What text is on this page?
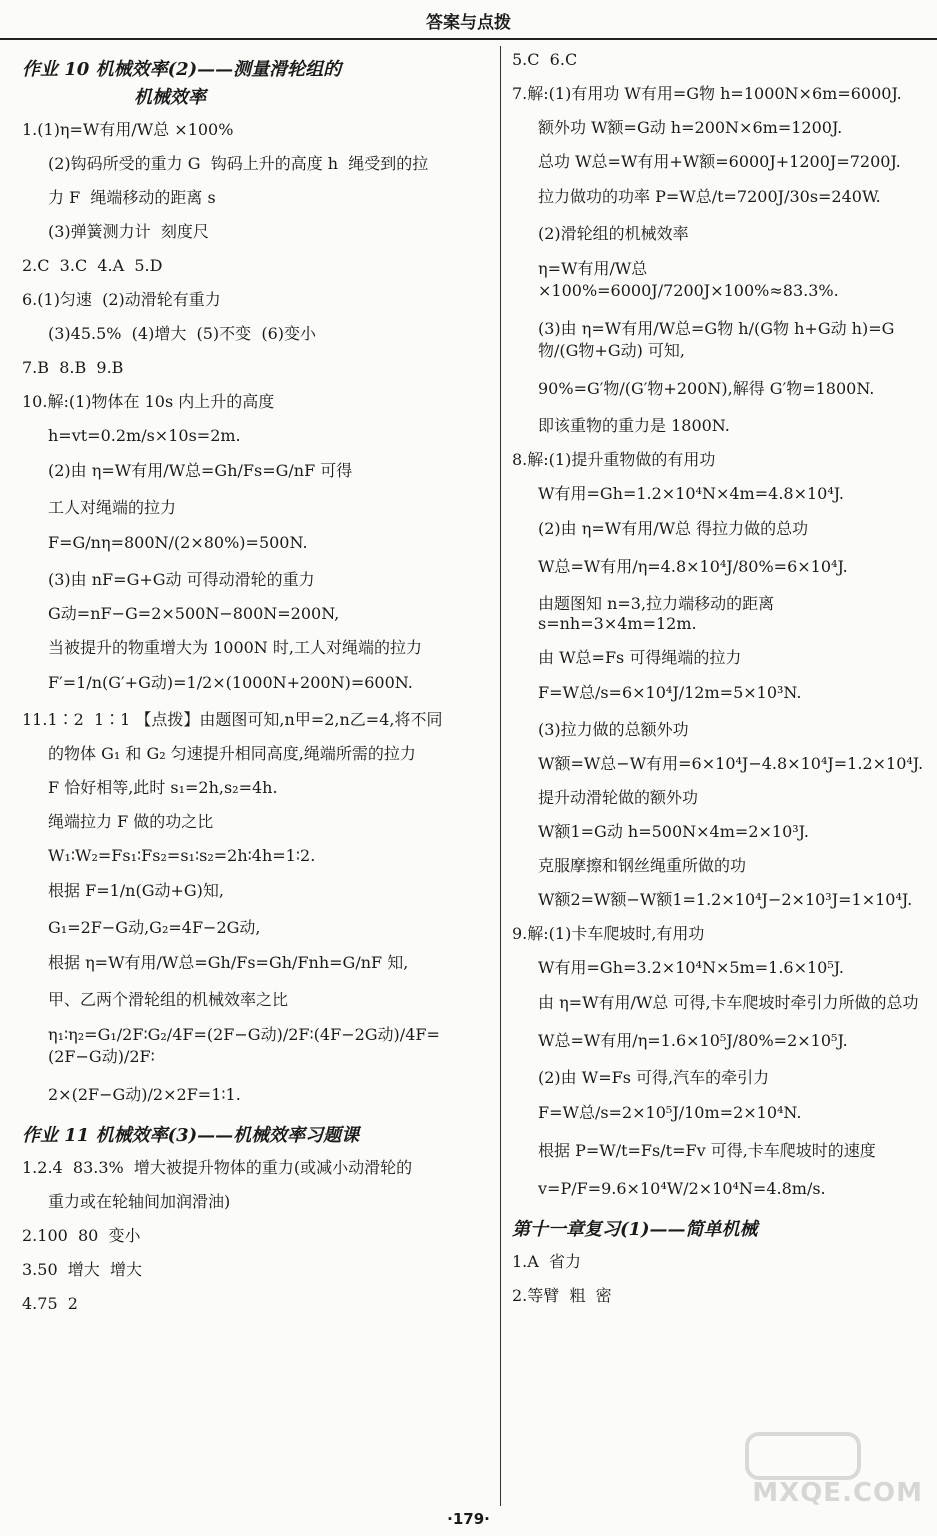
答案与点拨
作业 10 机械效率(2)——测量滑轮组的
机械效率
1.(1)η=W有用/W总 ×100%
(2)钩码所受的重力 G  钩码上升的高度 h  绳受到的拉
力 F  绳端移动的距离 s
(3)弹簧测力计  刻度尺
2.C  3.C  4.A  5.D
6.(1)匀速  (2)动滑轮有重力
(3)45.5%  (4)增大  (5)不变  (6)变小
7.B  8.B  9.B
10.解:(1)物体在 10s 内上升的高度
h=vt=0.2m/s×10s=2m.
(2)由 η=W有用/W总=Gh/Fs=G/nF 可得
工人对绳端的拉力
F=G/nη=800N/(2×80%)=500N.
(3)由 nF=G+G动 可得动滑轮的重力
G动=nF−G=2×500N−800N=200N,
当被提升的物重增大为 1000N 时,工人对绳端的拉力
F′=1/n(G′+G动)=1/2×(1000N+200N)=600N.
11.1∶2  1∶1 【点拨】由题图可知,n甲=2,n乙=4,将不同
的物体 G₁ 和 G₂ 匀速提升相同高度,绳端所需的拉力
F 恰好相等,此时 s₁=2h,s₂=4h.
绳端拉力 F 做的功之比
W₁∶W₂=Fs₁∶Fs₂=s₁∶s₂=2h∶4h=1∶2.
根据 F=1/n(G动+G)知,
G₁=2F−G动,G₂=4F−2G动,
根据 η=W有用/W总=Gh/Fs=Gh/Fnh=G/nF 知,
甲、乙两个滑轮组的机械效率之比
η₁∶η₂=G₁/2F∶G₂/4F=(2F−G动)/2F∶(4F−2G动)/4F=(2F−G动)/2F∶
2×(2F−G动)/2×2F=1∶1.
作业 11 机械效率(3)——机械效率习题课
1.2.4  83.3%  增大被提升物体的重力(或减小动滑轮的
重力或在轮轴间加润滑油)
2.100  80  变小
3.50  增大  增大
4.75  2
5.C  6.C
7.解:(1)有用功 W有用=G物 h=1000N×6m=6000J.
额外功 W额=G动 h=200N×6m=1200J.
总功 W总=W有用+W额=6000J+1200J=7200J.
拉力做功的功率 P=W总/t=7200J/30s=240W.
(2)滑轮组的机械效率
η=W有用/W总×100%=6000J/7200J×100%≈83.3%.
(3)由 η=W有用/W总=G物 h/(G物 h+G动 h)=G物/(G物+G动) 可知,
90%=G′物/(G′物+200N),解得 G′物=1800N.
即该重物的重力是 1800N.
8.解:(1)提升重物做的有用功
W有用=Gh=1.2×10⁴N×4m=4.8×10⁴J.
(2)由 η=W有用/W总 得拉力做的总功
W总=W有用/η=4.8×10⁴J/80%=6×10⁴J.
由题图知 n=3,拉力端移动的距离 s=nh=3×4m=12m.
由 W总=Fs 可得绳端的拉力
F=W总/s=6×10⁴J/12m=5×10³N.
(3)拉力做的总额外功
W额=W总−W有用=6×10⁴J−4.8×10⁴J=1.2×10⁴J.
提升动滑轮做的额外功
W额1=G动 h=500N×4m=2×10³J.
克服摩擦和钢丝绳重所做的功
W额2=W额−W额1=1.2×10⁴J−2×10³J=1×10⁴J.
9.解:(1)卡车爬坡时,有用功
W有用=Gh=3.2×10⁴N×5m=1.6×10⁵J.
由 η=W有用/W总 可得,卡车爬坡时牵引力所做的总功
W总=W有用/η=1.6×10⁵J/80%=2×10⁵J.
(2)由 W=Fs 可得,汽车的牵引力
F=W总/s=2×10⁵J/10m=2×10⁴N.
根据 P=W/t=Fs/t=Fv 可得,卡车爬坡时的速度
v=P/F=9.6×10⁴W/2×10⁴N=4.8m/s.
第十一章复习(1)——简单机械
1.A  省力
2.等臂  粗  密
·179·
MXQE.COM
